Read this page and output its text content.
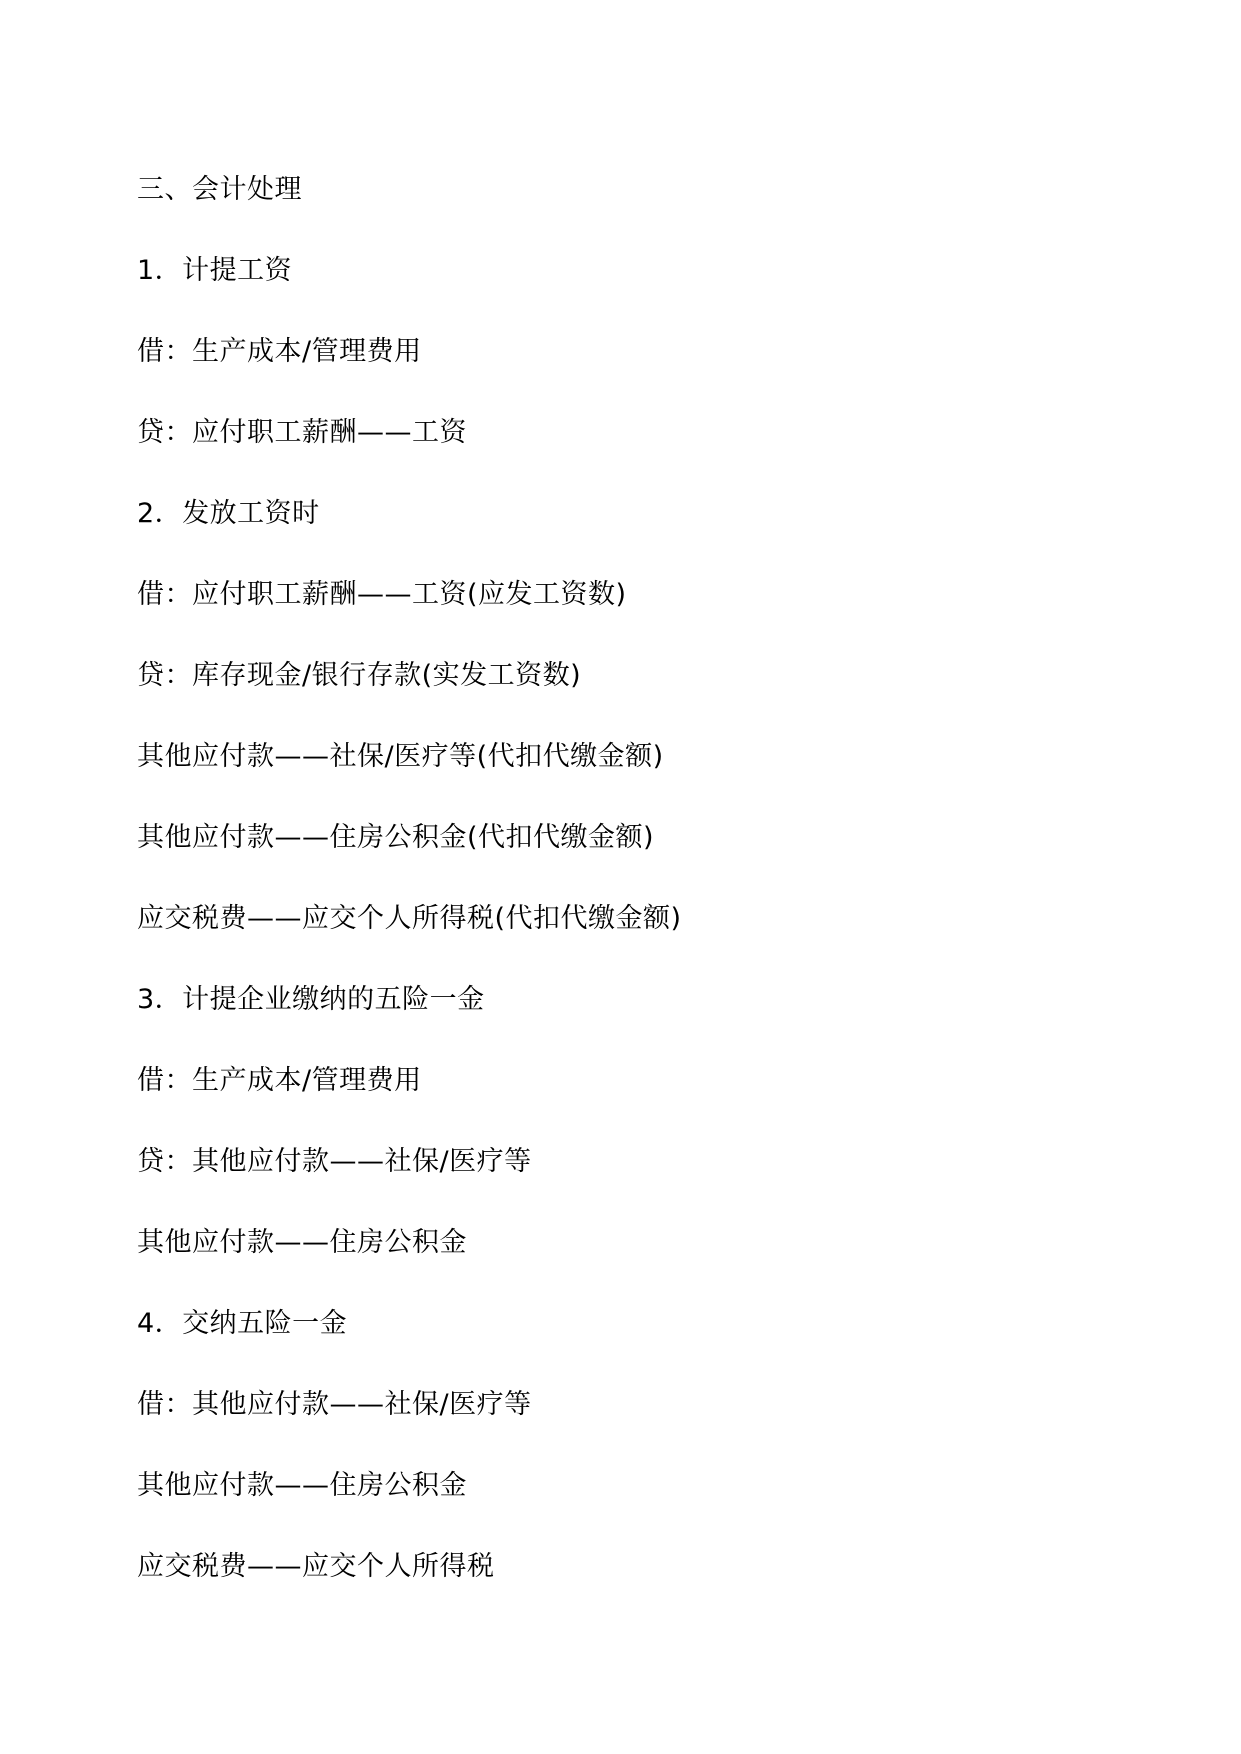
三、会计处理

1．计提工资

借：生产成本/管理费用

贷：应付职工薪酬——工资

2．发放工资时

借：应付职工薪酬——工资(应发工资数)

贷：库存现金/银行存款(实发工资数)

其他应付款——社保/医疗等(代扣代缴金额)

其他应付款——住房公积金(代扣代缴金额)

应交税费——应交个人所得税(代扣代缴金额)

3．计提企业缴纳的五险一金

借：生产成本/管理费用

贷：其他应付款——社保/医疗等

其他应付款——住房公积金

4．交纳五险一金

借：其他应付款——社保/医疗等

其他应付款——住房公积金

应交税费——应交个人所得税
